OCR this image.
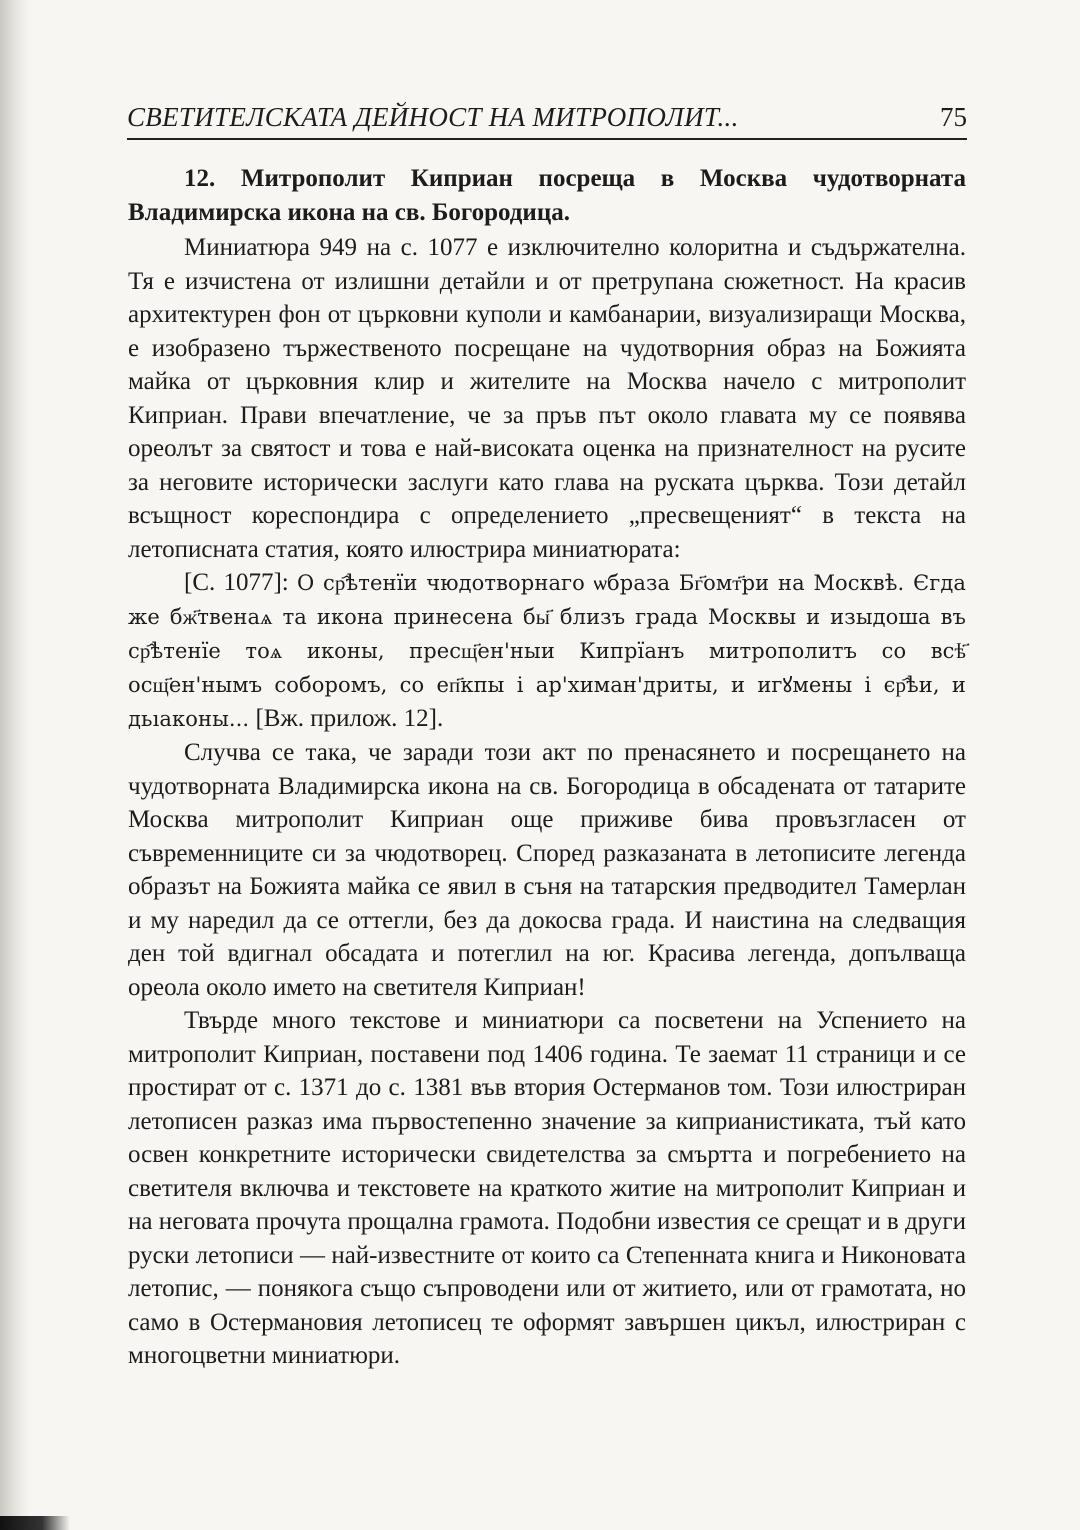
СВЕТИТЕЛСКАТА ДЕЙНОСТ НА МИТРОПОЛИТ...	75

12. Митрополит Киприан посреща в Москва чудотворната Владимирска икона на св. Богородица.

Миниатюра 949 на с. 1077 е изключително колоритна и съдържателна. Тя е изчистена от излишни детайли и от претрупана сюжетност. На красив архитектурен фон от църковни куполи и камбанарии, визуализиращи Москва, е изобразено тържественото посрещане на чудотворния образ на Божията майка от църковния клир и жителите на Москва начело с митрополит Киприан. Прави впечатление, че за пръв път около главата му се появява ореолът за святост и това е най-високата оценка на признателност на русите за неговите исторически заслуги като глава на руската църква. Този детайл всъщност кореспондира с определението „пресвещеният“ в текста на летописната статия, която илюстрира миниатюрата:

[С. 1077]: О ср҄ѣтенїи чюдотворнаго ѡбраза Бг҃омт҃ри на Москвѣ. Єгда же бж҃твенаѧ та икона принесена бы҃ близъ града Москвы и изыдоша въ ср҄ѣтенїе тоѧ иконы, пресщ҃ен'ныи Кипрїанъ митрополитъ со всѣ҃ осщ҃ен'нымъ соборомъ, со еп҃кпы і ар'химан'дриты, и игꙋмены і єр҄ѣи, и дьıаконы... [Вж. прилож. 12].

Случва се така, че заради този акт по пренасянето и посрещането на чудотворната Владимирска икона на св. Богородица в обсадената от татарите Москва митрополит Киприан още приживе бива провъзгласен от съвременниците си за чюдотворец. Според разказаната в летописите легенда образът на Божията майка се явил в съня на татарския предводител Тамерлан и му наредил да се оттегли, без да докосва града. И наистина на следващия ден той вдигнал обсадата и потеглил на юг. Красива легенда, допълваща ореола около името на светителя Киприан!

Твърде много текстове и миниатюри са посветени на Успението на митрополит Киприан, поставени под 1406 година. Те заемат 11 страници и се простират от с. 1371 до с. 1381 във втория Остерманов том. Този илюстриран летописен разказ има първостепенно значение за киприанистиката, тъй като освен конкретните исторически свидетелства за смъртта и погребението на светителя включва и текстовете на краткото житие на митрополит Киприан и на неговата прочута прощална грамота. Подобни известия се срещат и в други руски летописи — най-известните от които са Степенната книга и Никоновата летопис, — понякога също съпроводени или от житието, или от грамотата, но само в Остермановия летописец те оформят завършен цикъл, илюстриран с многоцветни миниатюри.
